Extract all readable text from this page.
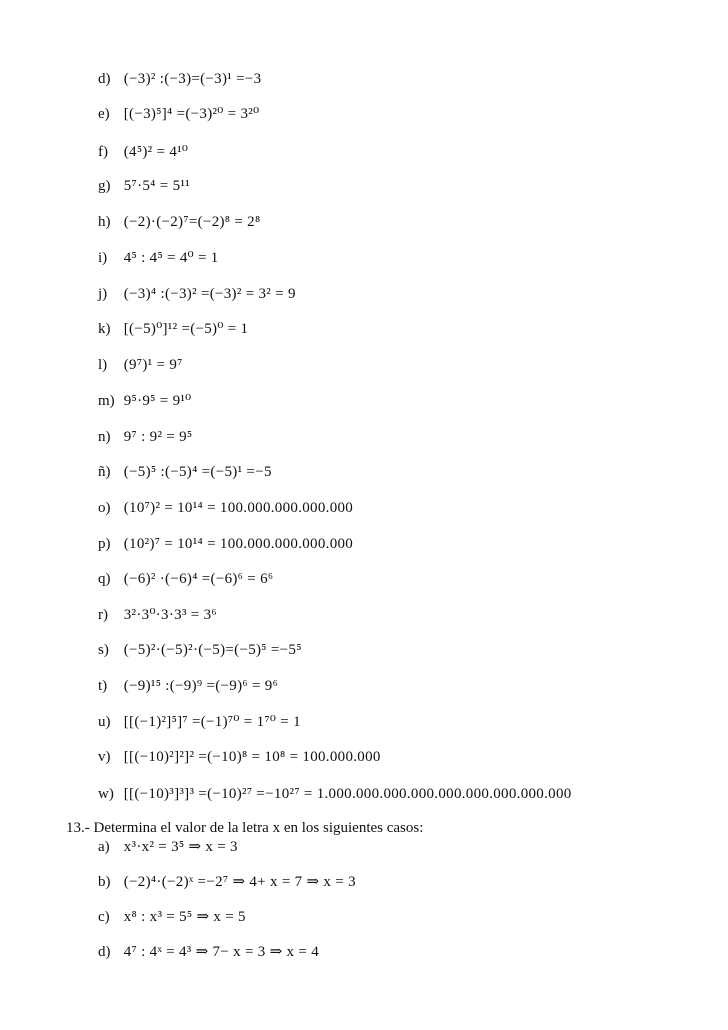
d) (−3)² :(−3)=(−3)¹ =−3
e) [(−3)⁵]⁴ =(−3)²⁰ = 3²⁰
f) (4⁵)² = 4¹⁰
g) 5⁷·5⁴ = 5¹¹
h) (−2)·(−2)⁷=(−2)⁸ = 2⁸
i) 4⁵ : 4⁵ = 4⁰ = 1
j) (−3)⁴ :(−3)² =(−3)² = 3² = 9
k) [(−5)⁰]¹² =(−5)⁰ = 1
l) (9⁷)¹ = 9⁷
m) 9⁵·9⁵ = 9¹⁰
n) 9⁷ : 9² = 9⁵
ñ) (−5)⁵ :(−5)⁴ =(−5)¹ =−5
o) (10⁷)² = 10¹⁴ = 100.000.000.000.000
p) (10²)⁷ = 10¹⁴ = 100.000.000.000.000
q) (−6)² ·(−6)⁴ =(−6)⁶ = 6⁶
r) 3²·3⁰·3·3³ = 3⁶
s) (−5)²·(−5)²·(−5)=(−5)⁵ =−5⁵
t) (−9)¹⁵ :(−9)⁹ =(−9)⁶ = 9⁶
u) [[(−1)²]⁵]⁷ =(−1)⁷⁰ = 1⁷⁰ = 1
v) [[(−10)²]²]² =(−10)⁸ = 10⁸ = 100.000.000
w) [[(−10)³]³]³ =(−10)²⁷ =−10²⁷ = 1.000.000.000.000.000.000.000.000.000
13.- Determina el valor de la letra x en los siguientes casos:
a) x³·x² = 3⁵ ⇒ x = 3
b) (−2)⁴·(−2)ˣ =−2⁷ ⇒ 4+ x = 7 ⇒ x = 3
c) x⁸ : x³ = 5⁵ ⇒ x = 5
d) 4⁷ : 4ˣ = 4³ ⇒ 7− x = 3 ⇒ x = 4
